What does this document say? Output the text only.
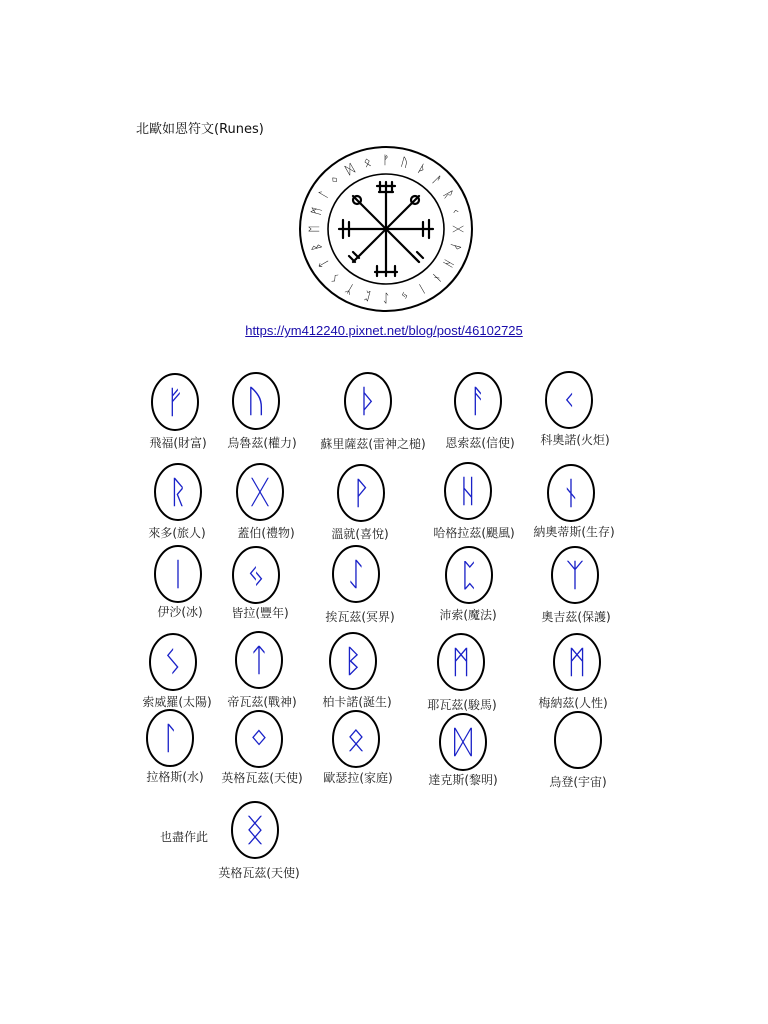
北歐如恩符文(Runes)
ᚠ ᚢ ᚦ
ᚨ
ᚱ
ᚲ
ᚷ
ᚹ
ᚺ
ᚾ
ᛁ
ᛃ
ᛇ
ᛈ
ᛉ
ᛊ
ᛏ
ᛒ
ᛖ
ᛗ
ᛚ
ᛜ
ᛞ ᛟ
https://ym412240.pixnet.net/blog/post/46102725
ᚠ
飛福(財富)
ᚢ
烏魯茲(權力)
ᚦ
蘇里薩茲(雷神之槌)
ᚨ
恩索茲(信使)
ᚲ
科奧諾(火炬)
ᚱ
來多(旅人)
ᚷ
蓋伯(禮物)
ᚹ
溫就(喜悅)
ᚺ
哈格拉茲(颶風)
ᚾ
納奧蒂斯(生存)
ᛁ
伊沙(冰)
ᛃ
皆拉(豐年)
ᛇ
挨瓦茲(冥界)
ᛈ
沛索(魔法)
ᛉ
奧吉茲(保護)
ᛊ
索威羅(太陽)
ᛏ
帝瓦茲(戰神)
ᛒ
柏卡諾(誕生)
ᛗ
耶瓦茲(駿馬)
ᛗ
梅納茲(人性)
ᛚ
拉格斯(水)
ᛜ
英格瓦茲(天使)
ᛟ
歐瑟拉(家庭)
ᛞ
達克斯(黎明)	烏登(宇宙)
ᛝ
英格瓦茲(天使)
也盡作此
